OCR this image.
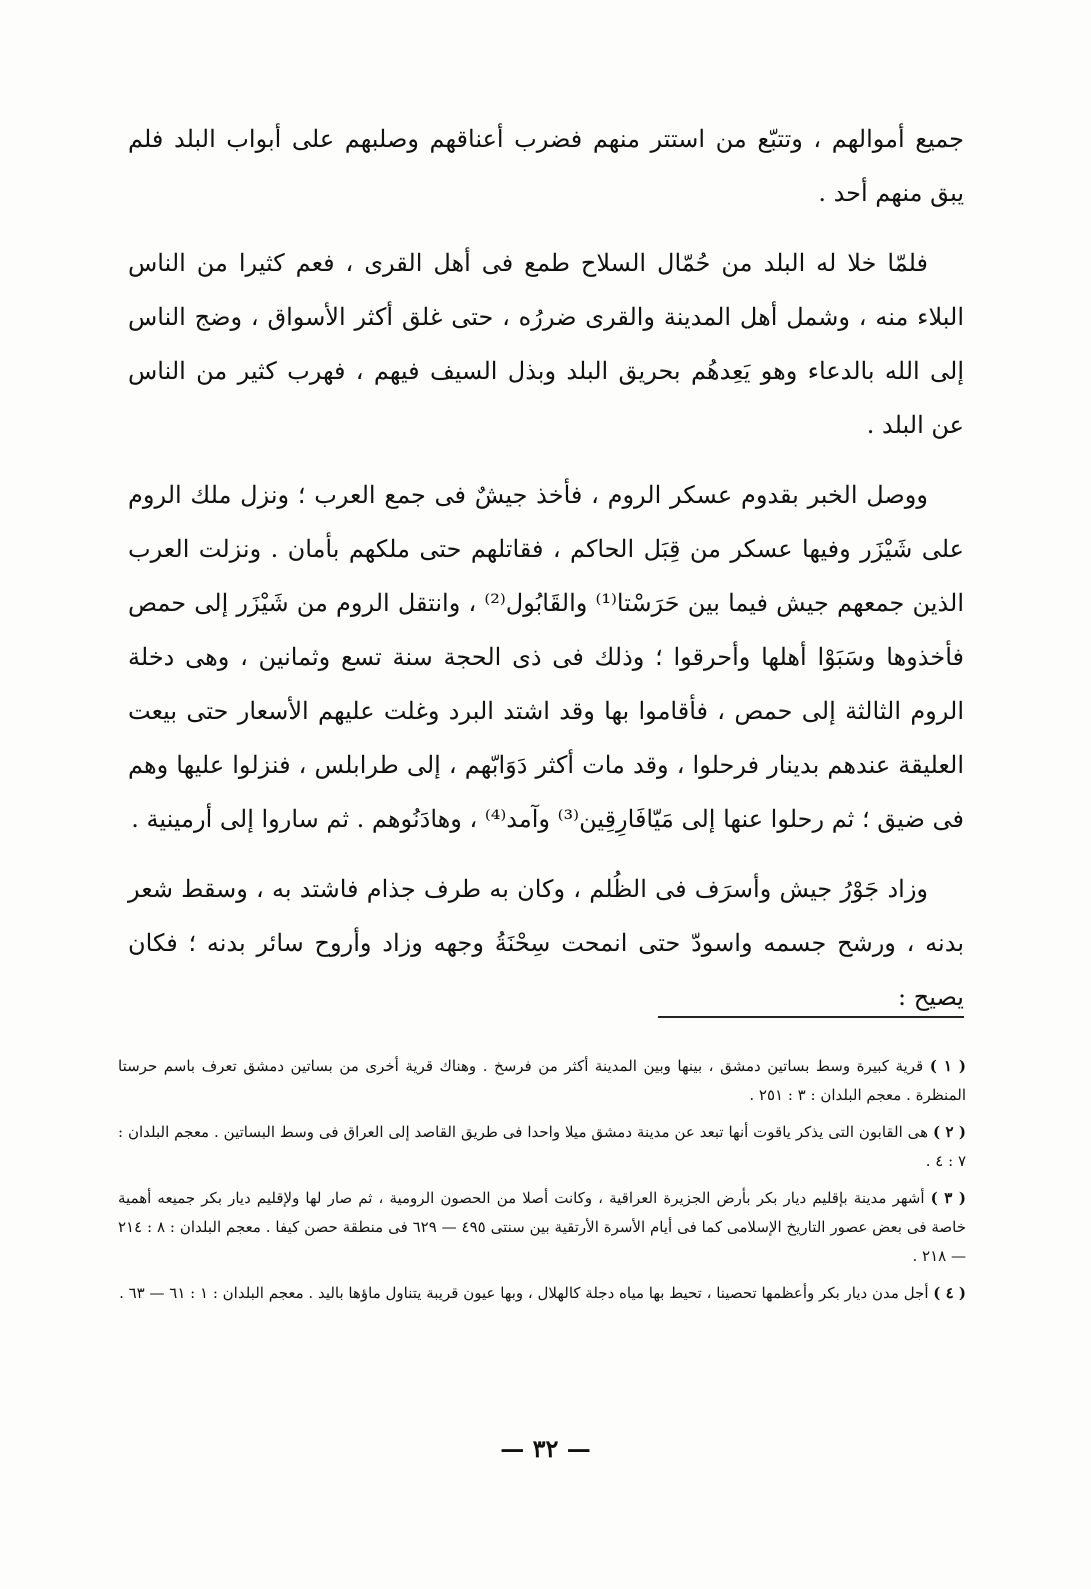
جميع أموالهم ، وتتبّع من استتر منهم فضرب أعناقهم وصلبهم على أبواب البلد فلم يبق منهم أحد .

فلمّا خلا له البلد من حُمّال السلاح طمع فى أهل القرى ، فعم كثيرا من الناس البلاء منه ، وشمل أهل المدينة والقرى ضررُه ، حتى غلق أكثر الأسواق ، وضج الناس إلى الله بالدعاء وهو يَعِدهُم بحريق البلد وبذل السيف فيهم ، فهرب كثير من الناس عن البلد .

ووصل الخبر بقدوم عسكر الروم ، فأخذ جيشٌ فى جمع العرب ؛ ونزل ملك الروم على شَيْزَر وفيها عسكر من قِبَل الحاكم ، فقاتلهم حتى ملكهم بأمان . ونزلت العرب الذين جمعهم جيش فيما بين حَرَسْتا⁽¹⁾ والقَابُول⁽²⁾ ، وانتقل الروم من شَيْزَر إلى حمص فأخذوها وسَبَوْا أهلها وأحرقوا ؛ وذلك فى ذى الحجة سنة تسع وثمانين ، وهى دخلة الروم الثالثة إلى حمص ، فأقاموا بها وقد اشتد البرد وغلت عليهم الأسعار حتى بيعت العليقة عندهم بدينار فرحلوا ، وقد مات أكثر دَوَابّهم ، إلى طرابلس ، فنزلوا عليها وهم فى ضيق ؛ ثم رحلوا عنها إلى مَيّافَارِقِين⁽³⁾ وآمد⁽⁴⁾ ، وهادَنُوهم . ثم ساروا إلى أرمينية .

وزاد جَوْرُ جيش وأسرَف فى الظُلم ، وكان به طرف جذام فاشتد به ، وسقط شعر بدنه ، ورشح جسمه واسودّ حتى انمحت سِحْنَةُ وجهه وزاد وأروح سائر بدنه ؛ فكان يصيح :

( ١ ) قرية كبيرة وسط بساتين دمشق ، بينها وبين المدينة أكثر من فرسخ . وهناك قرية أخرى من بساتين دمشق تعرف باسم حرستا المنظرة . معجم البلدان : ٣ : ٢٥١ .

( ٢ ) هى القابون التى يذكر ياقوت أنها تبعد عن مدينة دمشق ميلا واحدا فى طريق القاصد إلى العراق فى وسط البساتين . معجم البلدان : ٧ : ٤ .

( ٣ ) أشهر مدينة بإقليم ديار بكر بأرض الجزيرة العراقية ، وكانت أصلا من الحصون الرومية ، ثم صار لها ولإقليم ديار بكر جميعه أهمية خاصة فى بعض عصور التاريخ الإسلامى كما فى أيام الأسرة الأرتقية بين سنتى ٤٩٥ — ٦٢٩ فى منطقة حصن كيفا . معجم البلدان : ٨ : ٢١٤ — ٢١٨ .

( ٤ ) أجل مدن ديار بكر وأعظمها تحصينا ، تحيط بها مياه دجلة كالهلال ، وبها عيون قريبة يتناول ماؤها باليد . معجم البلدان : ١ : ٦١ — ٦٣ .

— ٣٢ —
